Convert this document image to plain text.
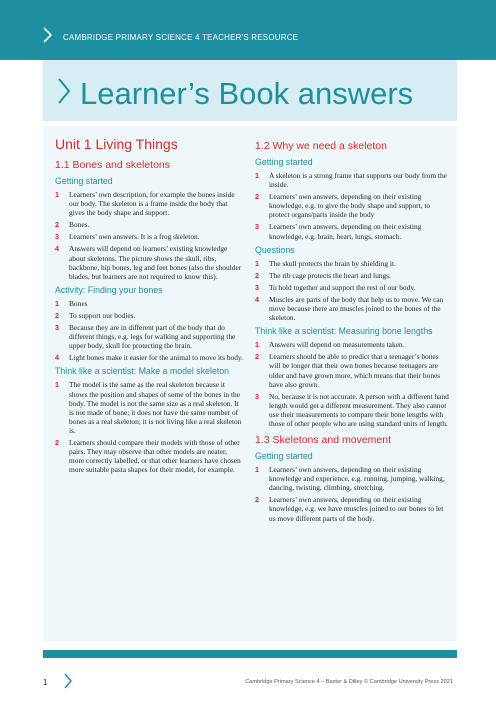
CAMBRIDGE PRIMARY SCIENCE 4 TEACHER'S RESOURCE
Learner’s Book answers
Unit 1 Living Things
1.1 Bones and skeletons
Getting started
1 Learners’ own description, for example the bones inside our body. The skeleton is a frame inside the body that gives the body shape and support.
2 Bones.
3 Learners’ own answers. It is a frog skeleton.
4 Answers will depend on learners’ existing knowledge about skeletons. The picture shows the skull, ribs, backbone, hip bones, leg and feet bones (also the shoulder blades, but learners are not required to know this).
Activity: Finding your bones
1 Bones
2 To support our bodies.
3 Because they are in different part of the body that do different things, e.g. legs for walking and supporting the upper body, skull for protecting the brain.
4 Light bones make it easier for the animal to move its body.
Think like a scientist: Make a model skeleton
1 The model is the same as the real skeleton because it shows the position and shapes of some of the bones in the body. The model is not the same size as a real skeleton. It is not made of bone; it does not have the same number of bones as a real skeleton; it is not living like a real skeleton is.
2 Learners should compare their models with those of other pairs. They may observe that other models are neater, more correctly labelled, or that other learners have chosen more suitable pasta shapes for their model, for example.
1.2 Why we need a skeleton
Getting started
1 A skeleton is a strong frame that supports our body from the inside.
2 Learners’ own answers, depending on their existing knowledge, e.g. to give the body shape and support, to protect organs/parts inside the body
3 Learners’ own answers, depending on their existing knowledge, e.g. brain, heart, lungs, stomach.
Questions
1 The skull protects the brain by shielding it.
2 The rib cage protects the heart and lungs.
3 To hold together and support the rest of our body.
4 Muscles are parts of the body that help us to move. We can move because there are muscles joined to the bones of the skeleton.
Think like a scientist: Measuring bone lengths
1 Answers will depend on measurements taken.
2 Learners should be able to predict that a teenager’s bones will be longer that their own bones because teenagers are older and have grown more, which means that their bones have also grown.
3 No, because it is not accurate. A person with a different hand length would get a different measurement. They also cannot use their measurements to compare their bone lengths with those of other people who are using standard units of length.
1.3 Skeletons and movement
Getting started
1 Learners’ own answers, depending on their existing knowledge and experience, e.g. running, jumping, walking, dancing, twisting, climbing, stretching.
2 Learners’ own answers, depending on their existing knowledge, e.g. we have muscles joined to our bones to let us move different parts of the body.
1	Cambridge Primary Science 4 – Baxter & Dilley © Cambridge University Press 2021
